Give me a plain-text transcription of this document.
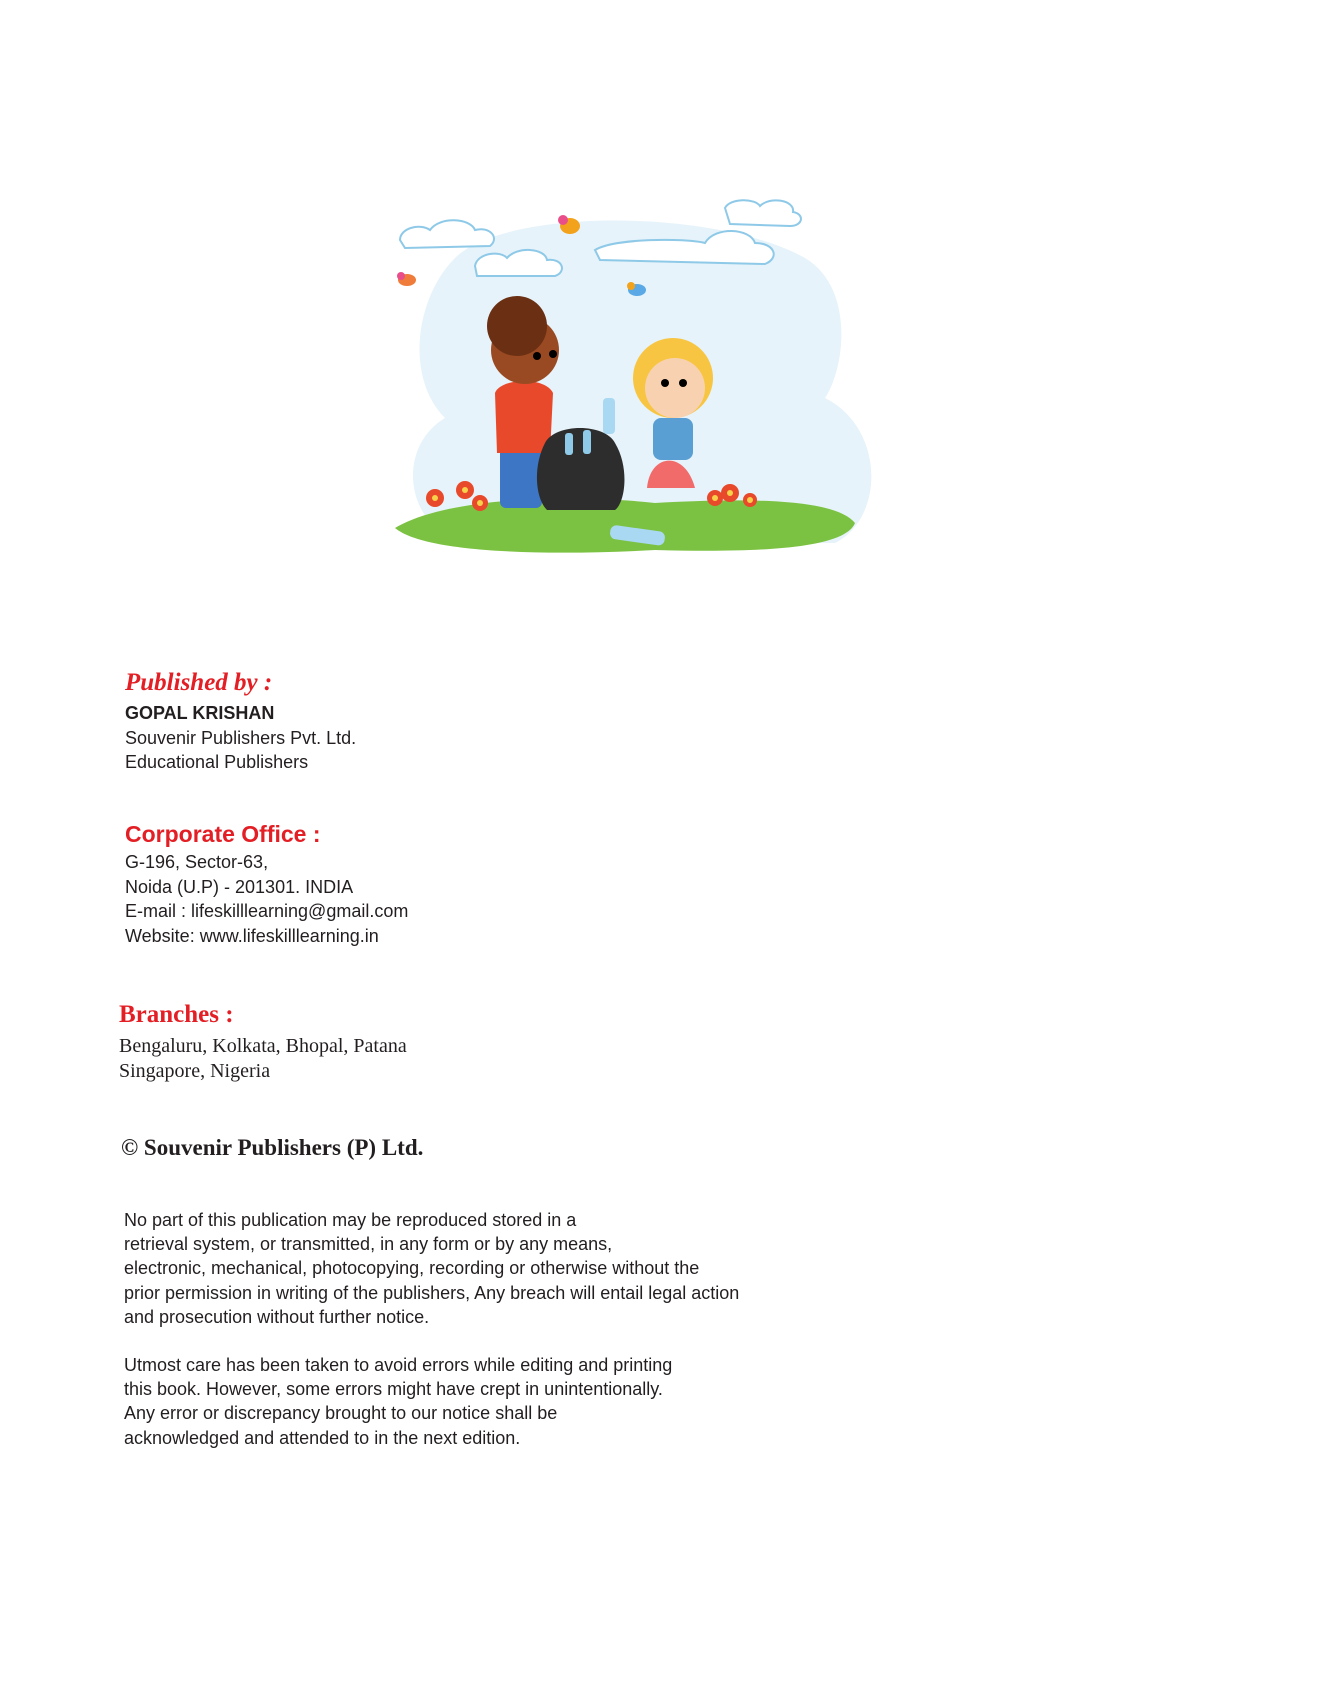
Published by :

GOPAL KRISHAN

Souvenir Publishers Pvt. Ltd.

Educational Publishers

Corporate Office :

G-196, Sector-63,

Noida (U.P) - 201301. INDIA

E-mail : lifeskilllearning@gmail.com

Website: www.lifeskilllearning.in

Branches :

Bengaluru, Kolkata, Bhopal, Patana

Singapore, Nigeria

© Souvenir Publishers (P) Ltd.

No part of this publication may be reproduced stored in a

retrieval system, or transmitted, in any form or by any means,

electronic, mechanical, photocopying, recording or otherwise without the

prior permission in writing of the publishers, Any breach will entail legal action

and prosecution without further notice.

Utmost care has been taken to avoid errors while editing and printing

this book. However, some errors might have crept in unintentionally.

Any error or discrepancy brought to our notice shall be

acknowledged and attended to in the next edition.
